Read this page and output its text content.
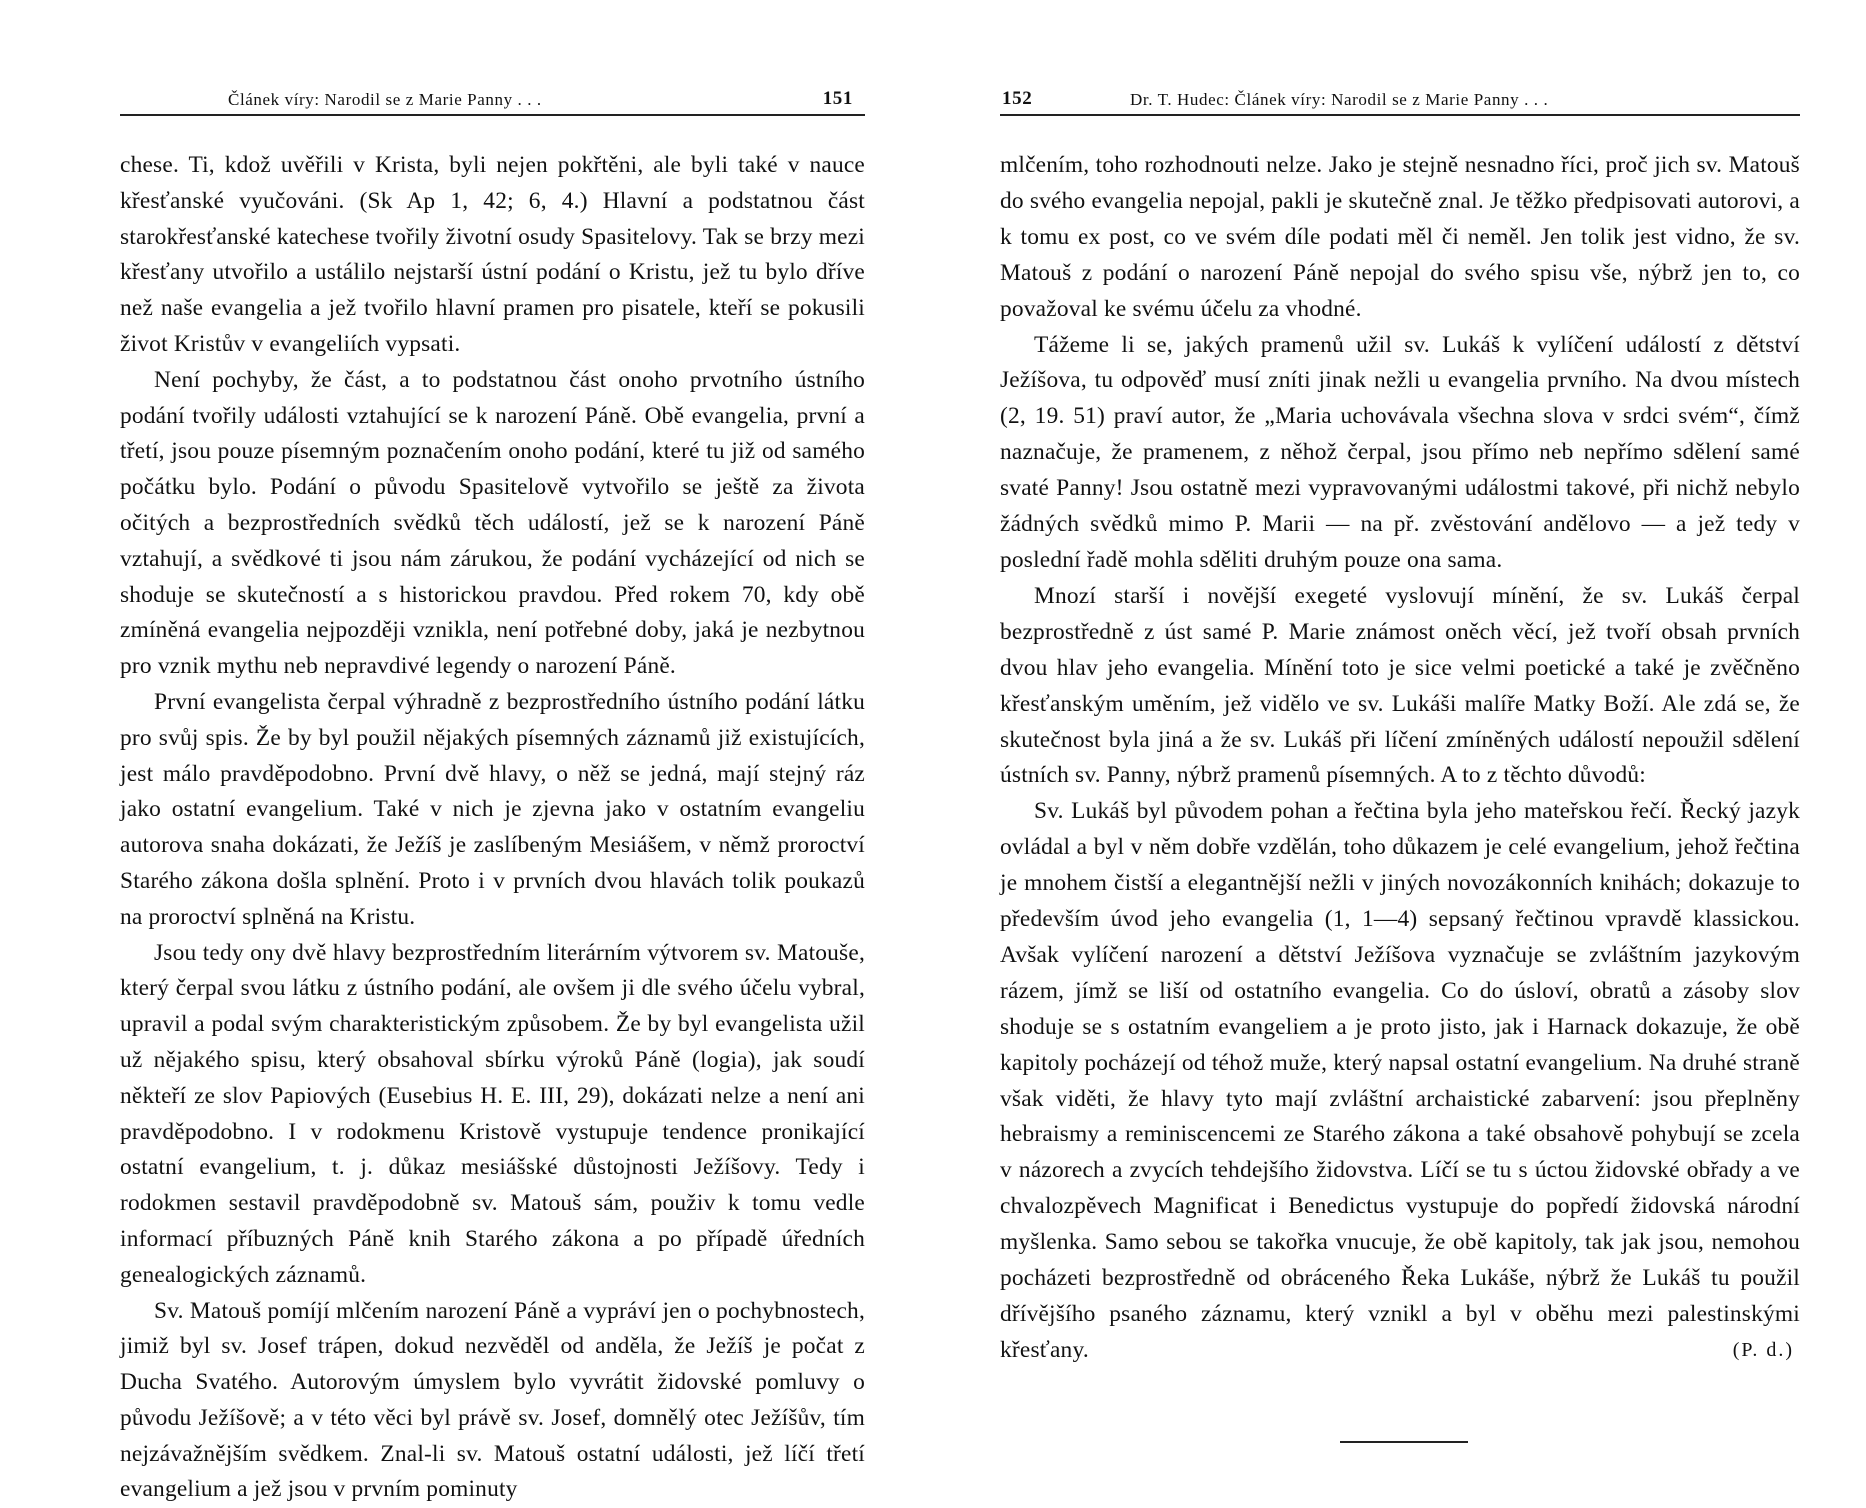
Článek víry: Narodil se z Marie Panny . . .	151

chese. Ti, kdož uvěřili v Krista, byli nejen pokřtěni, ale byli také v nauce křesťanské vyučováni. (Sk Ap 1, 42; 6, 4.) Hlavní a podstatnou část starokřesťanské katechese tvořily životní osudy Spasitelovy. Tak se brzy mezi křesťany utvořilo a ustálilo nejstarší ústní podání o Kristu, jež tu bylo dříve než naše evangelia a jež tvořilo hlavní pramen pro pisatele, kteří se pokusili život Kristův v evangeliích vypsati.

Není pochyby, že část, a to podstatnou část onoho prvotního ústního podání tvořily události vztahující se k narození Páně. Obě evangelia, první a třetí, jsou pouze písemným poznačením onoho podání, které tu již od samého počátku bylo. Podání o původu Spasitelově vytvořilo se ještě za života očitých a bezprostředních svědků těch událostí, jež se k narození Páně vztahují, a svědkové ti jsou nám zárukou, že podání vycházející od nich se shoduje se skutečností a s historickou pravdou. Před rokem 70, kdy obě zmíněná evangelia nejpozději vznikla, není potřebné doby, jaká je nezbytnou pro vznik mythu neb nepravdivé legendy o narození Páně.

První evangelista čerpal výhradně z bezprostředního ústního podání látku pro svůj spis. Že by byl použil nějakých písemných záznamů již existujících, jest málo pravděpodobno. První dvě hlavy, o něž se jedná, mají stejný ráz jako ostatní evangelium. Také v nich je zjevna jako v ostatním evangeliu autorova snaha dokázati, že Ježíš je zaslíbeným Mesiášem, v němž proroctví Starého zákona došla splnění. Proto i v prvních dvou hlavách tolik poukazů na proroctví splněná na Kristu.

Jsou tedy ony dvě hlavy bezprostředním literárním výtvorem sv. Matouše, který čerpal svou látku z ústního podání, ale ovšem ji dle svého účelu vybral, upravil a podal svým charakteristickým způsobem. Že by byl evangelista užil už nějakého spisu, který obsahoval sbírku výroků Páně (logia), jak soudí někteří ze slov Papiových (Eusebius H. E. III, 29), dokázati nelze a není ani pravděpodobno. I v rodokmenu Kristově vystupuje tendence pronikající ostatní evangelium, t. j. důkaz mesiášské důstojnosti Ježíšovy. Tedy i rodokmen sestavil pravděpodobně sv. Matouš sám, použiv k tomu vedle informací příbuzných Páně knih Starého zákona a po případě úředních genealogických záznamů.

Sv. Matouš pomíjí mlčením narození Páně a vypráví jen o pochybnostech, jimiž byl sv. Josef trápen, dokud nezvěděl od anděla, že Ježíš je počat z Ducha Svatého. Autorovým úmyslem bylo vyvrátit židovské pomluvy o původu Ježíšově; a v této věci byl právě sv. Josef, domnělý otec Ježíšův, tím nejzávažnějším svědkem. Znal-li sv. Matouš ostatní události, jež líčí třetí evangelium a jež jsou v prvním pominuty

152	Dr. T. Hudec: Článek víry: Narodil se z Marie Panny . . .

mlčením, toho rozhodnouti nelze. Jako je stejně nesnadno říci, proč jich sv. Matouš do svého evangelia nepojal, pakli je skutečně znal. Je těžko předpisovati autorovi, a k tomu ex post, co ve svém díle podati měl či neměl. Jen tolik jest vidno, že sv. Matouš z podání o narození Páně nepojal do svého spisu vše, nýbrž jen to, co považoval ke svému účelu za vhodné.

Tážeme li se, jakých pramenů užil sv. Lukáš k vylíčení událostí z dětství Ježíšova, tu odpověď musí zníti jinak nežli u evangelia prvního. Na dvou místech (2, 19. 51) praví autor, že „Maria uchovávala všechna slova v srdci svém“, čímž naznačuje, že pramenem, z něhož čerpal, jsou přímo neb nepřímo sdělení samé svaté Panny! Jsou ostatně mezi vypravovanými událostmi takové, při nichž nebylo žádných svědků mimo P. Marii — na př. zvěstování andělovo — a jež tedy v poslední řadě mohla sděliti druhým pouze ona sama.

Mnozí starší i novější exegeté vyslovují mínění, že sv. Lukáš čerpal bezprostředně z úst samé P. Marie známost oněch věcí, jež tvoří obsah prvních dvou hlav jeho evangelia. Mínění toto je sice velmi poetické a také je zvěčněno křesťanským uměním, jež vidělo ve sv. Lukáši malíře Matky Boží. Ale zdá se, že skutečnost byla jiná a že sv. Lukáš při líčení zmíněných událostí nepoužil sdělení ústních sv. Panny, nýbrž pramenů písemných. A to z těchto důvodů:

Sv. Lukáš byl původem pohan a řečtina byla jeho mateřskou řečí. Řecký jazyk ovládal a byl v něm dobře vzdělán, toho důkazem je celé evangelium, jehož řečtina je mnohem čistší a elegantnější nežli v jiných novozákonních knihách; dokazuje to především úvod jeho evangelia (1, 1—4) sepsaný řečtinou vpravdě klassickou. Avšak vylíčení narození a dětství Ježíšova vyznačuje se zvláštním jazykovým rázem, jímž se liší od ostatního evangelia. Co do úsloví, obratů a zásoby slov shoduje se s ostatním evangeliem a je proto jisto, jak i Harnack dokazuje, že obě kapitoly pocházejí od téhož muže, který napsal ostatní evangelium. Na druhé straně však viděti, že hlavy tyto mají zvláštní archaistické zabarvení: jsou přeplněny hebraismy a reminiscencemi ze Starého zákona a také obsahově pohybují se zcela v názorech a zvycích tehdejšího židovstva. Líčí se tu s úctou židovské obřady a ve chvalozpěvech Magnificat i Benedictus vystupuje do popředí židovská národní myšlenka. Samo sebou se takořka vnucuje, že obě kapitoly, tak jak jsou, nemohou pocházeti bezprostředně od obráceného Řeka Lukáše, nýbrž že Lukáš tu použil dřívějšího psaného záznamu, který vznikl a byl v oběhu mezi palestinskými křesťany.	(P. d.)
